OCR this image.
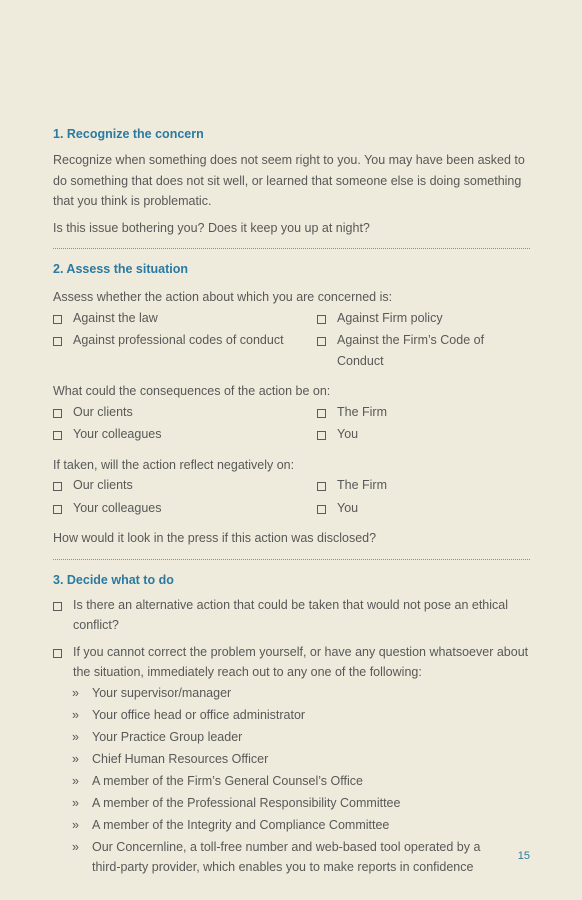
1. Recognize the concern

Recognize when something does not seem right to you. You may have been asked to do something that does not sit well, or learned that someone else is doing something that you think is problematic.

Is this issue bothering you? Does it keep you up at night?

2. Assess the situation

Assess whether the action about which you are concerned is:

Against the law	Against Firm policy
Against professional codes of conduct	Against the Firm’s Code of Conduct

What could the consequences of the action be on:

Our clients	The Firm
Your colleagues	You

If taken, will the action reflect negatively on:

Our clients	The Firm
Your colleagues	You

How would it look in the press if this action was disclosed?

3. Decide what to do
Is there an alternative action that could be taken that would not pose an ethical conflict?
If you cannot correct the problem yourself, or have any question whatsoever about the situation, immediately reach out to any one of the following:
»	Your supervisor/manager
»	Your office head or office administrator
»	Your Practice Group leader
»	Chief Human Resources Officer
»	A member of the Firm’s General Counsel’s Office
»	A member of the Professional Responsibility Committee
»	A member of the Integrity and Compliance Committee
»	Our Concernline, a toll-free number and web-based tool operated by a third-party provider, which enables you to make reports in confidence
15
